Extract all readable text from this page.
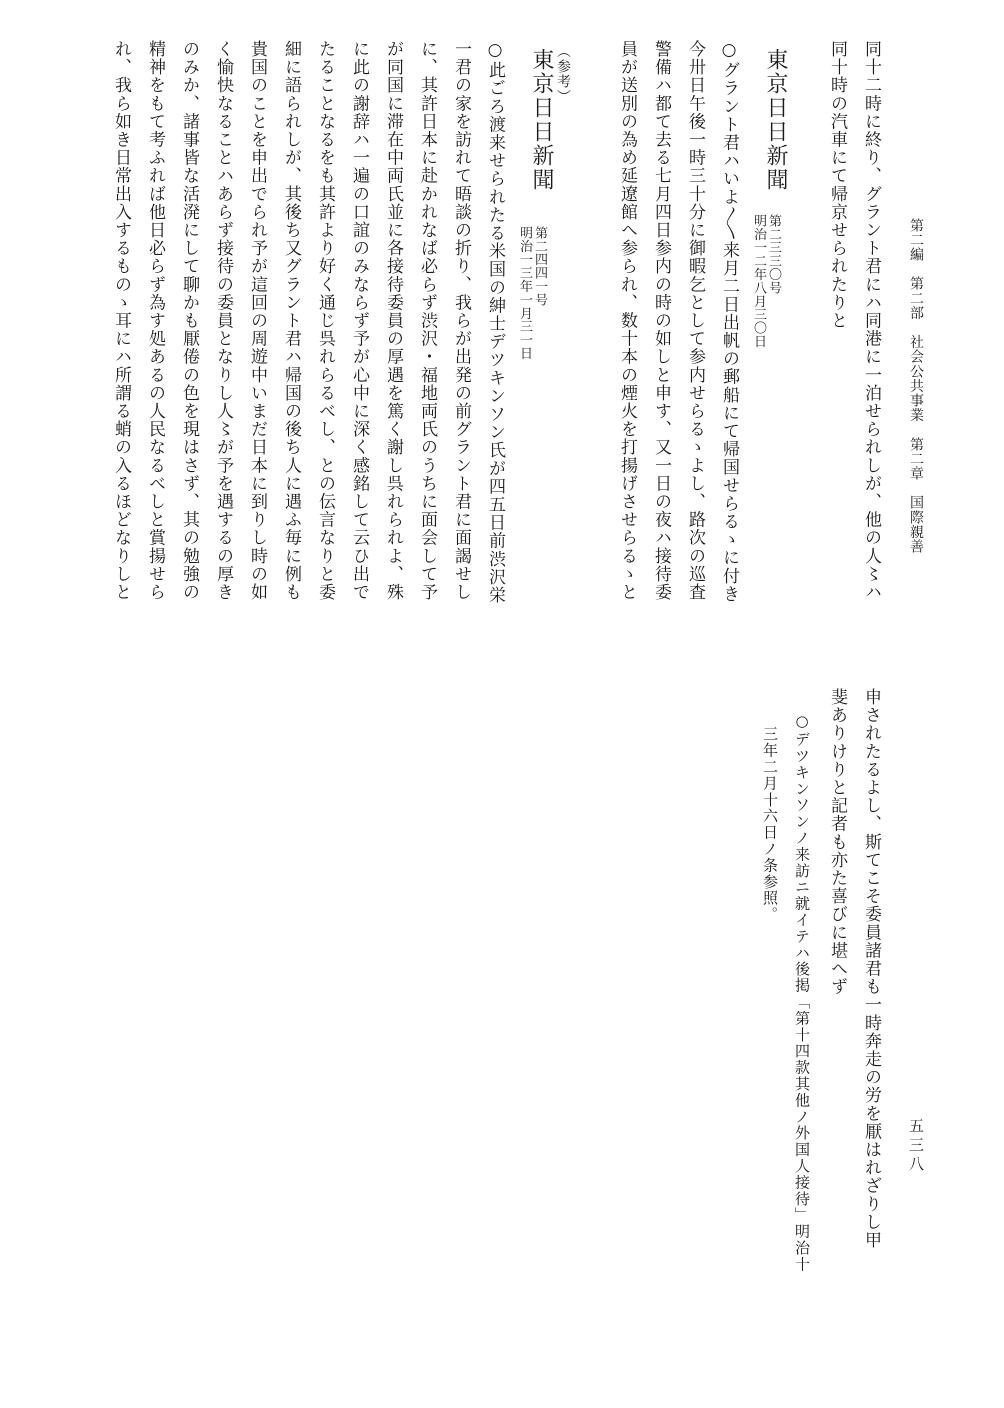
第二編　第二部　社会公共事業　第二章　国際親善

五三八

同十二時に終り、グラント君にハ同港に一泊せられしが、他の人〻ハ

同十時の汽車にて帰京せられたりと

東京日日新聞

第二三三〇号

明治一二年八月三〇日

○グラント君ハいよ〳〵来月二日出帆の郵船にて帰国せらるゝに付き

今卅日午後一時三十分に御暇乞として参内せらるゝよし、路次の巡査

警備ハ都て去る七月四日参内の時の如しと申す、又一日の夜ハ接待委

員が送別の為め延遼館へ参られ、数十本の煙火を打揚げさせらるゝと

（参考）

東京日日新聞

第二四四一号

明治一三年一月三一日

○此ごろ渡来せられたる米国の紳士デツキンソン氏が四五日前渋沢栄

一君の家を訪れて晤談の折り、我らが出発の前グラント君に面謁せし

に、其許日本に赴かれなば必らず渋沢・福地両氏のうちに面会して予

が同国に滞在中両氏並に各接待委員の厚遇を篤く謝し呉れられよ、殊

に此の謝辞ハ一遍の口誼のみならず予が心中に深く感銘して云ひ出で

たることなるをも其許より好く通じ呉れらるべし、との伝言なりと委

細に語られしが、其後ち又グラント君ハ帰国の後ち人に遇ふ毎に例も

貴国のことを申出でられ予が這回の周遊中いまだ日本に到りし時の如

く愉快なることハあらず接待の委員となりし人〻が予を遇するの厚き

のみか、諸事皆な活溌にして聊かも厭倦の色を現はさず、其の勉強の

精神をもて考ふれば他日必らず為す処あるの人民なるべしと賞揚せら

れ、我ら如き日常出入するものゝ耳にハ所謂る蛸の入るほどなりしと

申されたるよし、斯てこそ委員諸君も一時奔走の労を厭はれざりし甲

斐ありけりと記者も亦た喜びに堪へず

○デツキンソンノ来訪ニ就イテハ後掲「第十四款其他ノ外国人接待」明治十

三年二月十六日ノ条参照。
